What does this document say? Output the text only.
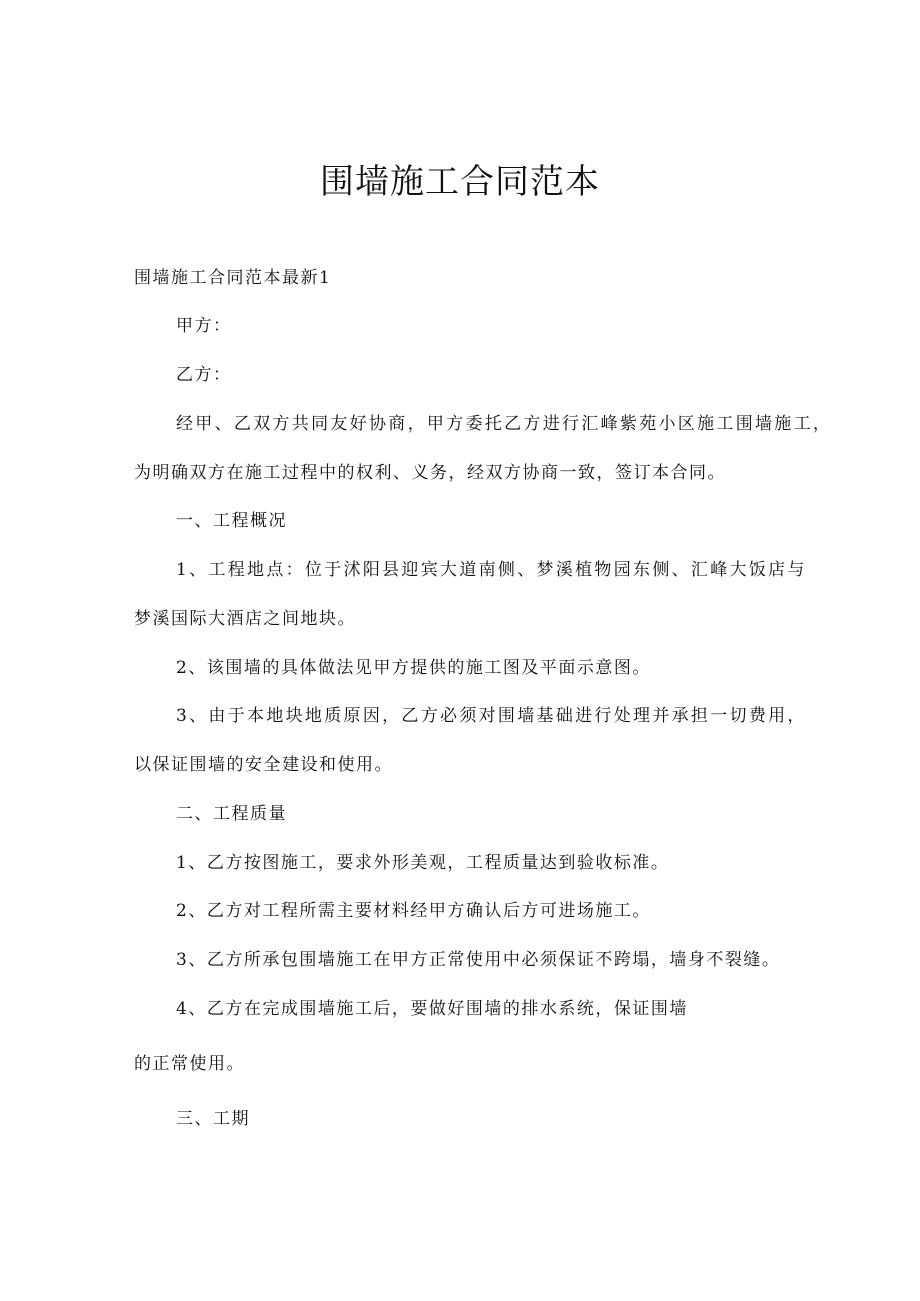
围墙施工合同范本
围墙施工合同范本最新1
甲方：
乙方：
经甲、乙双方共同友好协商，甲方委托乙方进行汇峰紫苑小区施工围墙施工，
为明确双方在施工过程中的权利、义务，经双方协商一致，签订本合同。
一、工程概况
1、工程地点：位于沭阳县迎宾大道南侧、梦溪植物园东侧、汇峰大饭店与
梦溪国际大酒店之间地块。
2、该围墙的具体做法见甲方提供的施工图及平面示意图。
3、由于本地块地质原因，乙方必须对围墙基础进行处理并承担一切费用，
以保证围墙的安全建设和使用。
二、工程质量
1、乙方按图施工，要求外形美观，工程质量达到验收标准。
2、乙方对工程所需主要材料经甲方确认后方可进场施工。
3、乙方所承包围墙施工在甲方正常使用中必须保证不跨塌，墙身不裂缝。
4、乙方在完成围墙施工后，要做好围墙的排水系统，保证围墙
的正常使用。
三、工期
